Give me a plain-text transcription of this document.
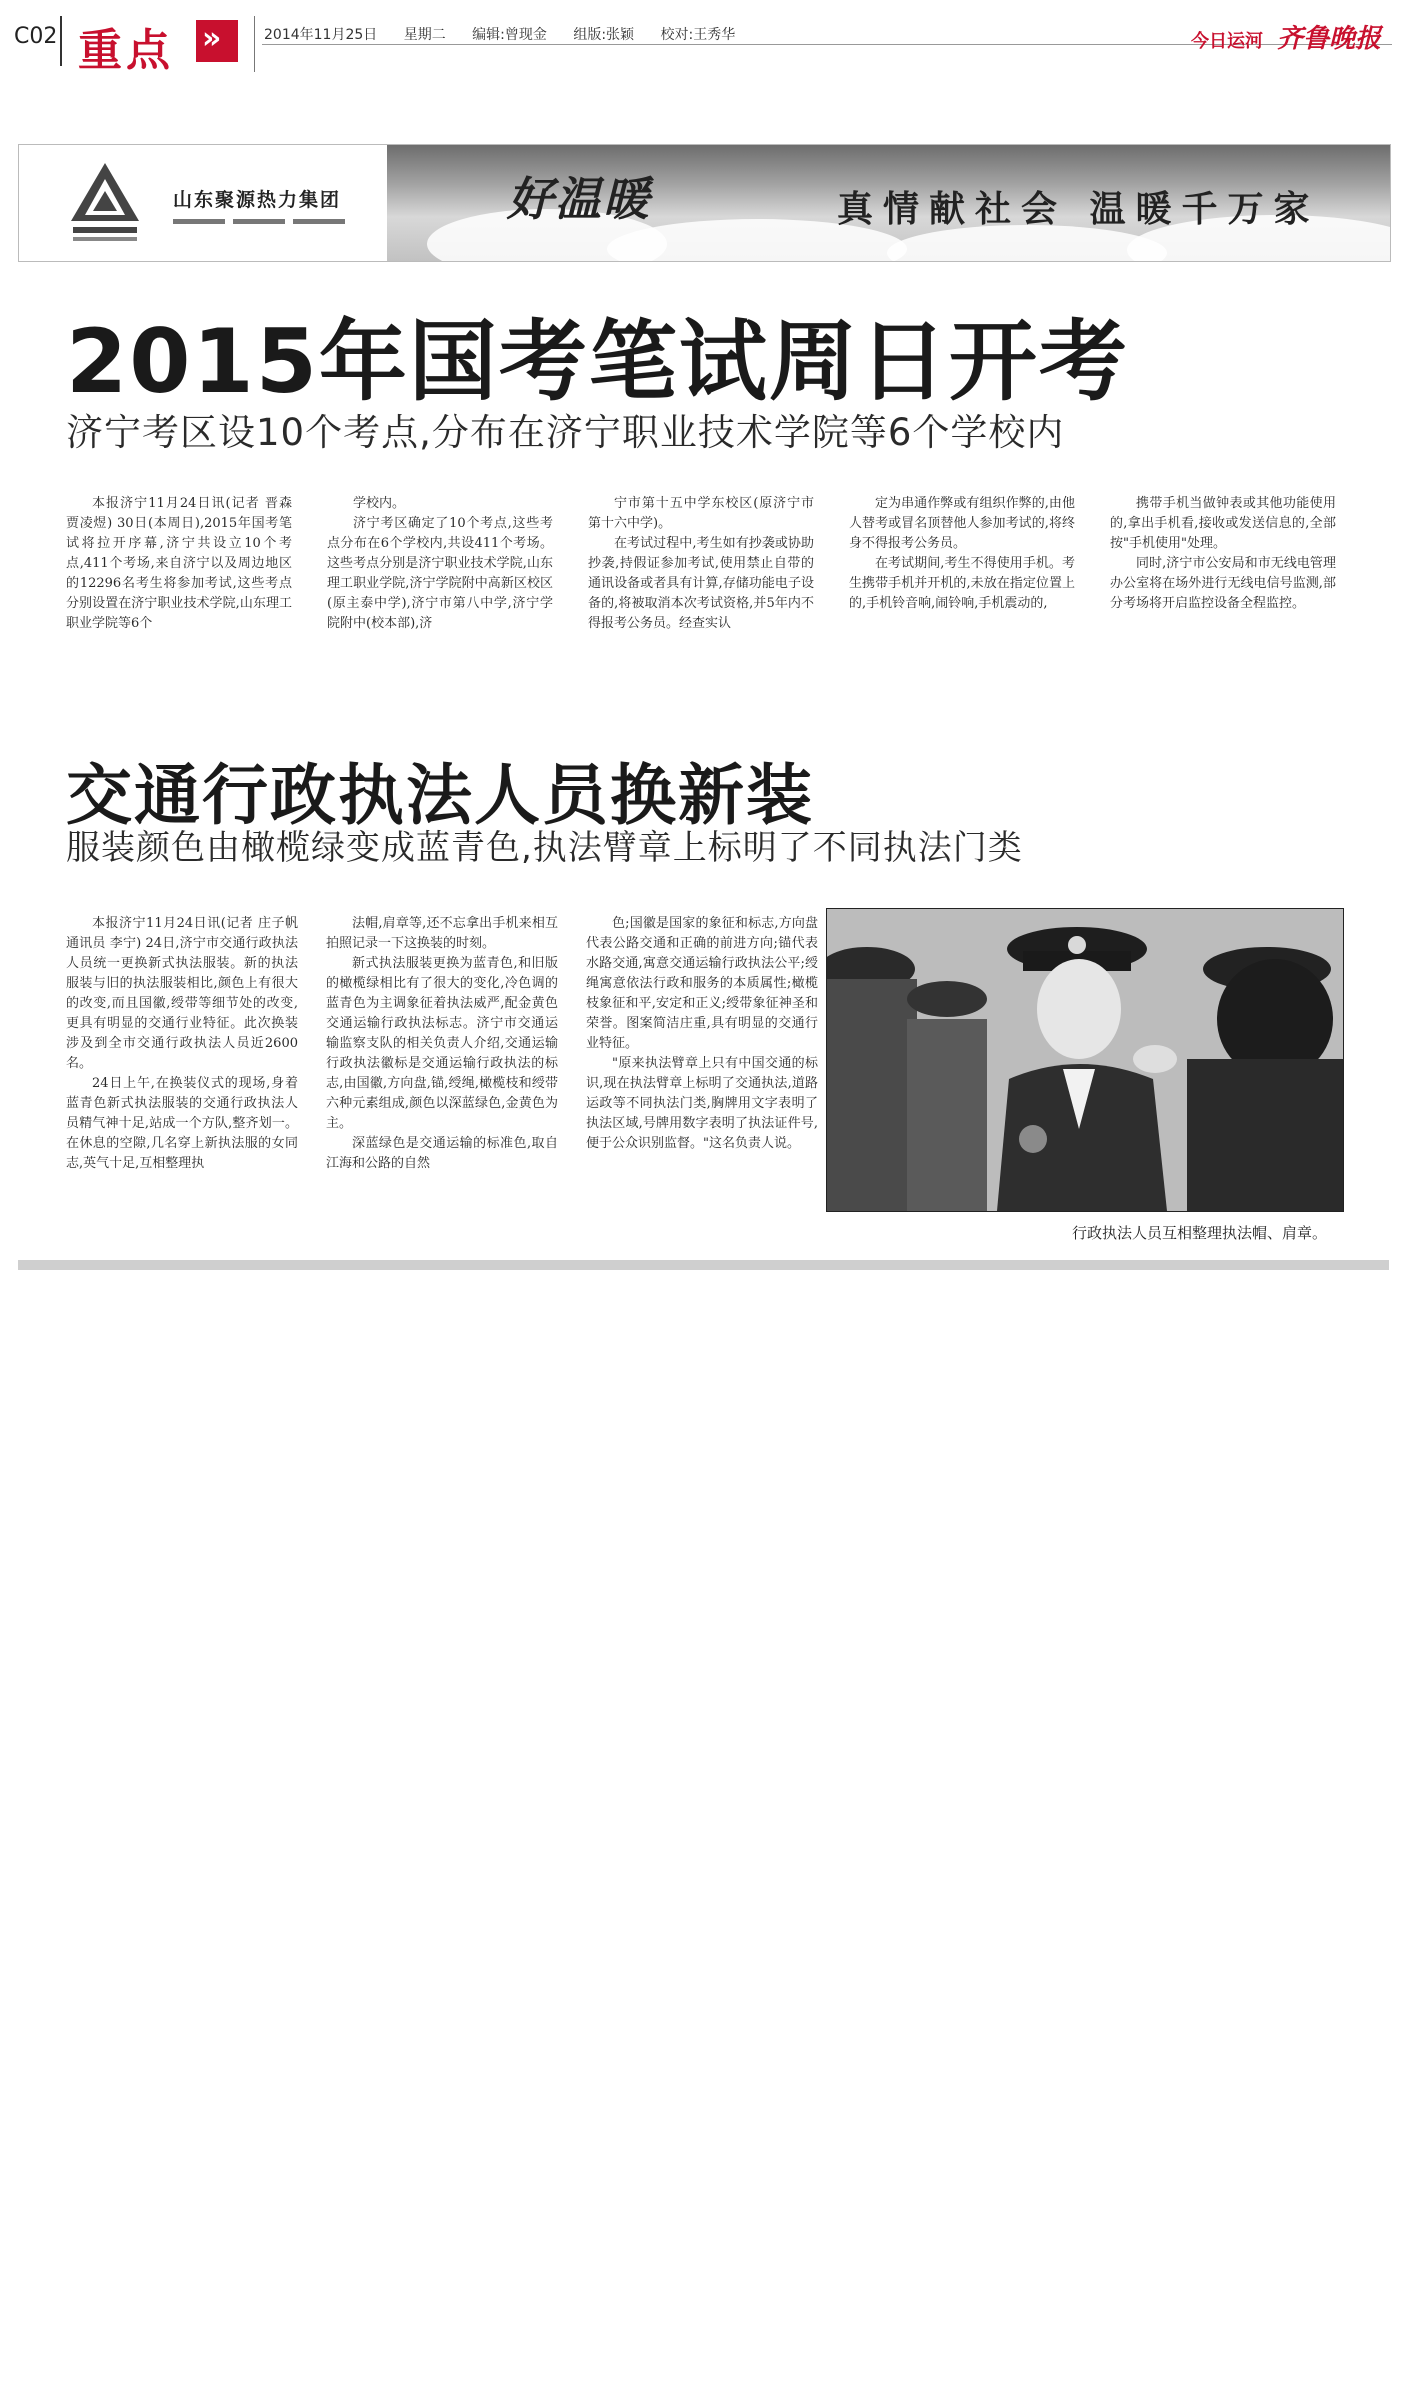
C02 重点 »	2014年11月25日 星期二 编辑:曾现金 组版:张颖 校对:王秀华	今日运河 齐鲁晚报
山东聚源热力集团	好温暖	真情献社会 温暖千万家
2015年国考笔试周日开考
济宁考区设10个考点,分布在济宁职业技术学院等6个学校内

本报济宁11月24日讯(记者 晋森 贾凌煜) 30日(本周日),2015年国考笔试将拉开序幕,济宁共设立10个考点,411个考场,来自济宁以及周边地区的12296名考生将参加考试,这些考点分别设置在济宁职业技术学院,山东理工职业学院等6个

学校内。

济宁考区确定了10个考点,这些考点分布在6个学校内,共设411个考场。这些考点分别是济宁职业技术学院,山东理工职业学院,济宁学院附中高新区校区(原主泰中学),济宁市第八中学,济宁学院附中(校本部),济

宁市第十五中学东校区(原济宁市第十六中学)。

在考试过程中,考生如有抄袭或协助抄袭,持假证参加考试,使用禁止自带的通讯设备或者具有计算,存储功能电子设备的,将被取消本次考试资格,并5年内不得报考公务员。经查实认

定为串通作弊或有组织作弊的,由他人替考或冒名顶替他人参加考试的,将终身不得报考公务员。

在考试期间,考生不得使用手机。考生携带手机并开机的,未放在指定位置上的,手机铃音响,闹铃响,手机震动的,

携带手机当做钟表或其他功能使用的,拿出手机看,接收或发送信息的,全部按"手机使用"处理。

同时,济宁市公安局和市无线电管理办公室将在场外进行无线电信号监测,部分考场将开启监控设备全程监控。

交通行政执法人员换新装
服装颜色由橄榄绿变成蓝青色,执法臂章上标明了不同执法门类

本报济宁11月24日讯(记者 庄子帆 通讯员 李宁) 24日,济宁市交通行政执法人员统一更换新式执法服装。新的执法服装与旧的执法服装相比,颜色上有很大的改变,而且国徽,绶带等细节处的改变,更具有明显的交通行业特征。此次换装涉及到全市交通行政执法人员近2600名。

24日上午,在换装仪式的现场,身着蓝青色新式执法服装的交通行政执法人员精气神十足,站成一个方队,整齐划一。在休息的空隙,几名穿上新执法服的女同志,英气十足,互相整理执

法帽,肩章等,还不忘拿出手机来相互拍照记录一下这换装的时刻。

新式执法服装更换为蓝青色,和旧版的橄榄绿相比有了很大的变化,冷色调的蓝青色为主调象征着执法威严,配金黄色交通运输行政执法标志。济宁市交通运输监察支队的相关负责人介绍,交通运输行政执法徽标是交通运输行政执法的标志,由国徽,方向盘,锚,绶绳,橄榄枝和绶带六种元素组成,颜色以深蓝绿色,金黄色为主。

深蓝绿色是交通运输的标准色,取自江海和公路的自然

色;国徽是国家的象征和标志,方向盘代表公路交通和正确的前进方向;锚代表水路交通,寓意交通运输行政执法公平;绶绳寓意依法行政和服务的本质属性;橄榄枝象征和平,安定和正义;绶带象征神圣和荣誉。图案简洁庄重,具有明显的交通行业特征。

"原来执法臂章上只有中国交通的标识,现在执法臂章上标明了交通执法,道路运政等不同执法门类,胸牌用文字表明了执法区域,号牌用数字表明了执法证件号,便于公众识别监督。"这名负责人说。

行政执法人员互相整理执法帽、肩章。
